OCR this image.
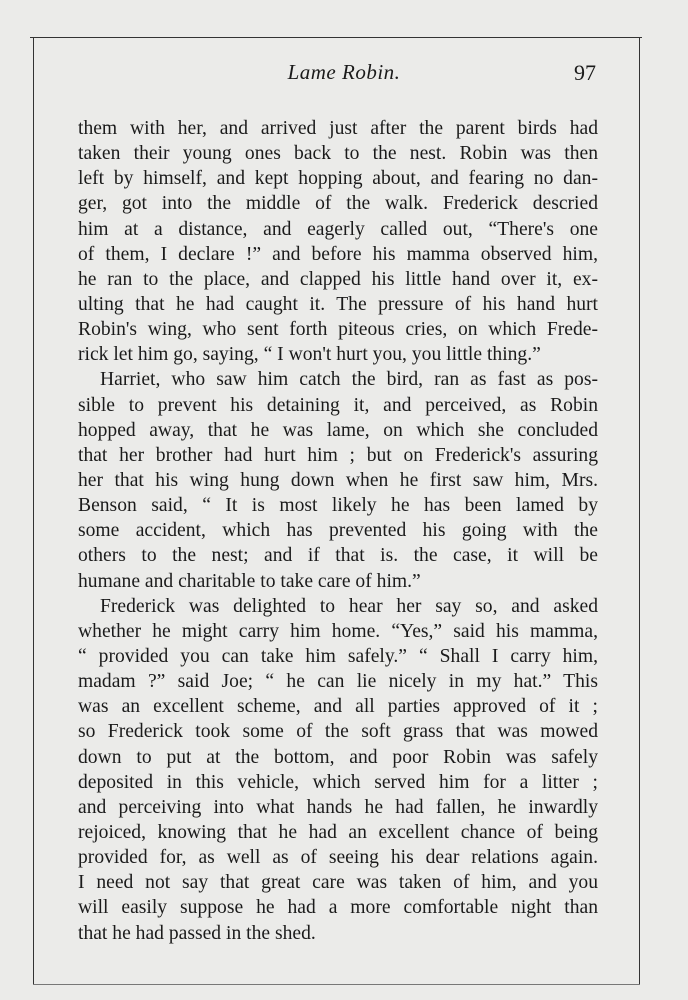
Lame Robin.	97
them with her, and arrived just after the parent birds had
taken their young ones back to the nest. Robin was then
left by himself, and kept hopping about, and fearing no dan-
ger, got into the middle of the walk. Frederick descried
him at a distance, and eagerly called out, “There's one
of them, I declare !” and before his mamma observed him,
he ran to the place, and clapped his little hand over it, ex-
ulting that he had caught it. The pressure of his hand hurt
Robin's wing, who sent forth piteous cries, on which Frede-
rick let him go, saying, “ I won't hurt you, you little thing.”
Harriet, who saw him catch the bird, ran as fast as pos-
sible to prevent his detaining it, and perceived, as Robin
hopped away, that he was lame, on which she concluded
that her brother had hurt him ; but on Frederick's assuring
her that his wing hung down when he first saw him, Mrs.
Benson said, “ It is most likely he has been lamed by
some accident, which has prevented his going with the
others to the nest; and if that is. the case, it will be
humane and charitable to take care of him.”
Frederick was delighted to hear her say so, and asked
whether he might carry him home. “Yes,” said his mamma,
“ provided you can take him safely.” “ Shall I carry him,
madam ?” said Joe; “ he can lie nicely in my hat.” This
was an excellent scheme, and all parties approved of it ;
so Frederick took some of the soft grass that was mowed
down to put at the bottom, and poor Robin was safely
deposited in this vehicle, which served him for a litter ;
and perceiving into what hands he had fallen, he inwardly
rejoiced, knowing that he had an excellent chance of being
provided for, as well as of seeing his dear relations again.
I need not say that great care was taken of him, and you
will easily suppose he had a more comfortable night than
that he had passed in the shed.
